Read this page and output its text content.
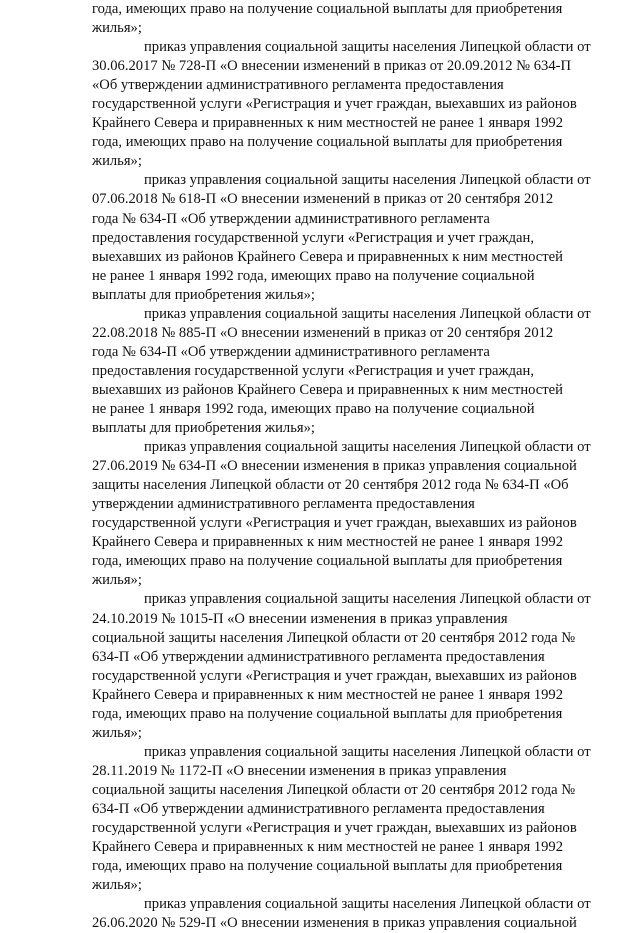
года, имеющих право на получение социальной выплаты для приобретения
жилья»;
приказ управления социальной защиты населения Липецкой области от
30.06.2017 № 728-П «О внесении изменений в приказ от 20.09.2012 № 634-П
«Об утверждении административного регламента предоставления
государственной услуги «Регистрация и учет граждан, выехавших из районов
Крайнего Севера и приравненных к ним местностей не ранее 1 января 1992
года, имеющих право на получение социальной выплаты для приобретения
жилья»;
приказ управления социальной защиты населения Липецкой области от
07.06.2018 № 618-П «О внесении изменений в приказ от 20 сентября 2012
года № 634-П «Об утверждении административного регламента
предоставления государственной услуги «Регистрация и учет граждан,
выехавших из районов Крайнего Севера и приравненных к ним местностей
не ранее 1 января 1992 года, имеющих право на получение социальной
выплаты для приобретения жилья»;
приказ управления социальной защиты населения Липецкой области от
22.08.2018 № 885-П «О внесении изменений в приказ от 20 сентября 2012
года № 634-П «Об утверждении административного регламента
предоставления государственной услуги «Регистрация и учет граждан,
выехавших из районов Крайнего Севера и приравненных к ним местностей
не ранее 1 января 1992 года, имеющих право на получение социальной
выплаты для приобретения жилья»;
приказ управления социальной защиты населения Липецкой области от
27.06.2019 № 634-П «О внесении изменения в приказ управления социальной
защиты населения Липецкой области от 20 сентября 2012 года № 634-П «Об
утверждении административного регламента предоставления
государственной услуги «Регистрация и учет граждан, выехавших из районов
Крайнего Севера и приравненных к ним местностей не ранее 1 января 1992
года, имеющих право на получение социальной выплаты для приобретения
жилья»;
приказ управления социальной защиты населения Липецкой области от
24.10.2019 № 1015-П «О внесении изменения в приказ управления
социальной защиты населения Липецкой области от 20 сентября 2012 года №
634-П «Об утверждении административного регламента предоставления
государственной услуги «Регистрация и учет граждан, выехавших из районов
Крайнего Севера и приравненных к ним местностей не ранее 1 января 1992
года, имеющих право на получение социальной выплаты для приобретения
жилья»;
приказ управления социальной защиты населения Липецкой области от
28.11.2019 № 1172-П «О внесении изменения в приказ управления
социальной защиты населения Липецкой области от 20 сентября 2012 года №
634-П «Об утверждении административного регламента предоставления
государственной услуги «Регистрация и учет граждан, выехавших из районов
Крайнего Севера и приравненных к ним местностей не ранее 1 января 1992
года, имеющих право на получение социальной выплаты для приобретения
жилья»;
приказ управления социальной защиты населения Липецкой области от
26.06.2020 № 529-П «О внесении изменения в приказ управления социальной
